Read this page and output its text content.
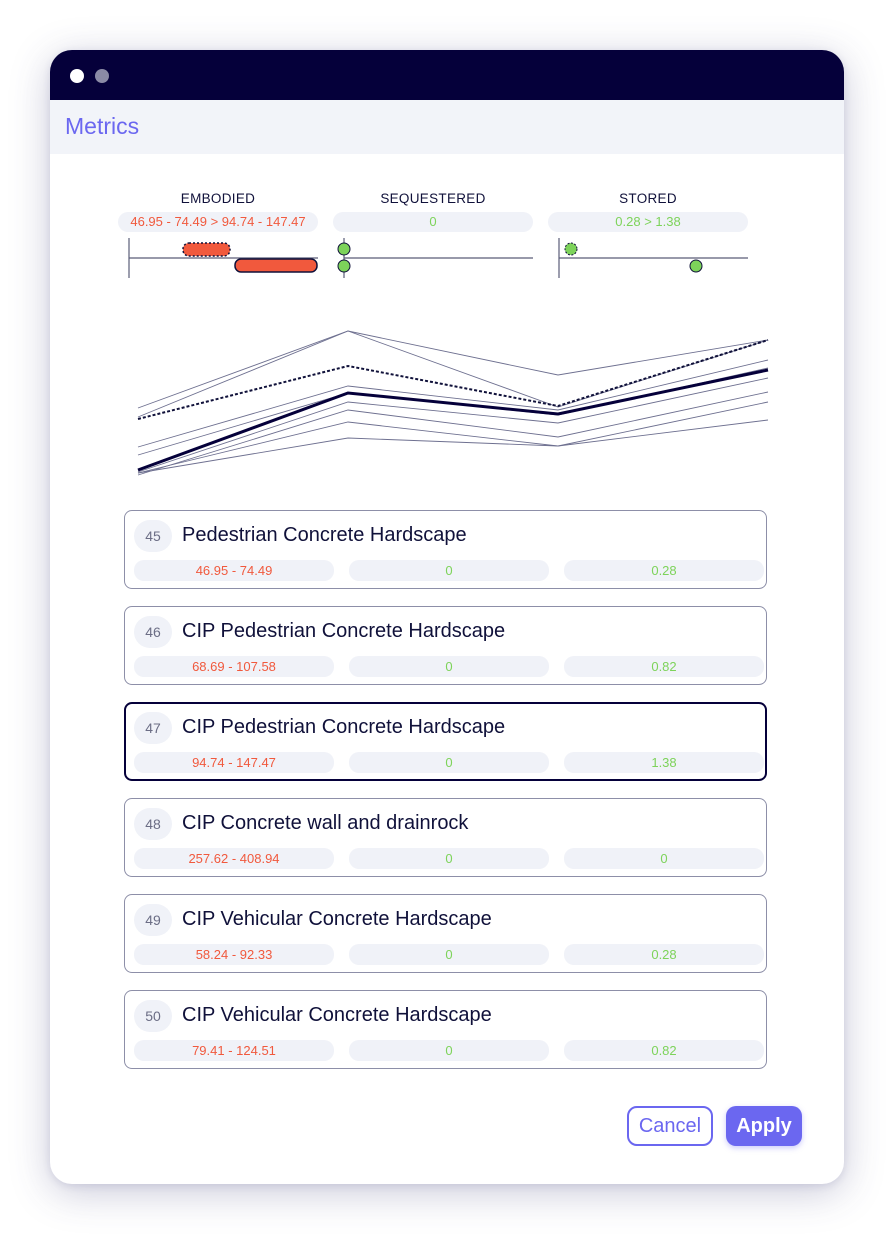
Metrics
EMBODIED
46.95 - 74.49 > 94.74 - 147.47
SEQUESTERED
0
STORED
0.28 > 1.38
45	Pedestrian Concrete Hardscape
46.95 - 74.49	0	0.28
46	CIP Pedestrian Concrete Hardscape
68.69 - 107.58	0	0.82
47	CIP Pedestrian Concrete Hardscape
94.74 - 147.47	0	1.38
48	CIP Concrete wall and drainrock
257.62 - 408.94	0	0
49	CIP Vehicular Concrete Hardscape
58.24 - 92.33	0	0.28
50	CIP Vehicular Concrete Hardscape
79.41 - 124.51	0	0.82
Cancel	Apply
